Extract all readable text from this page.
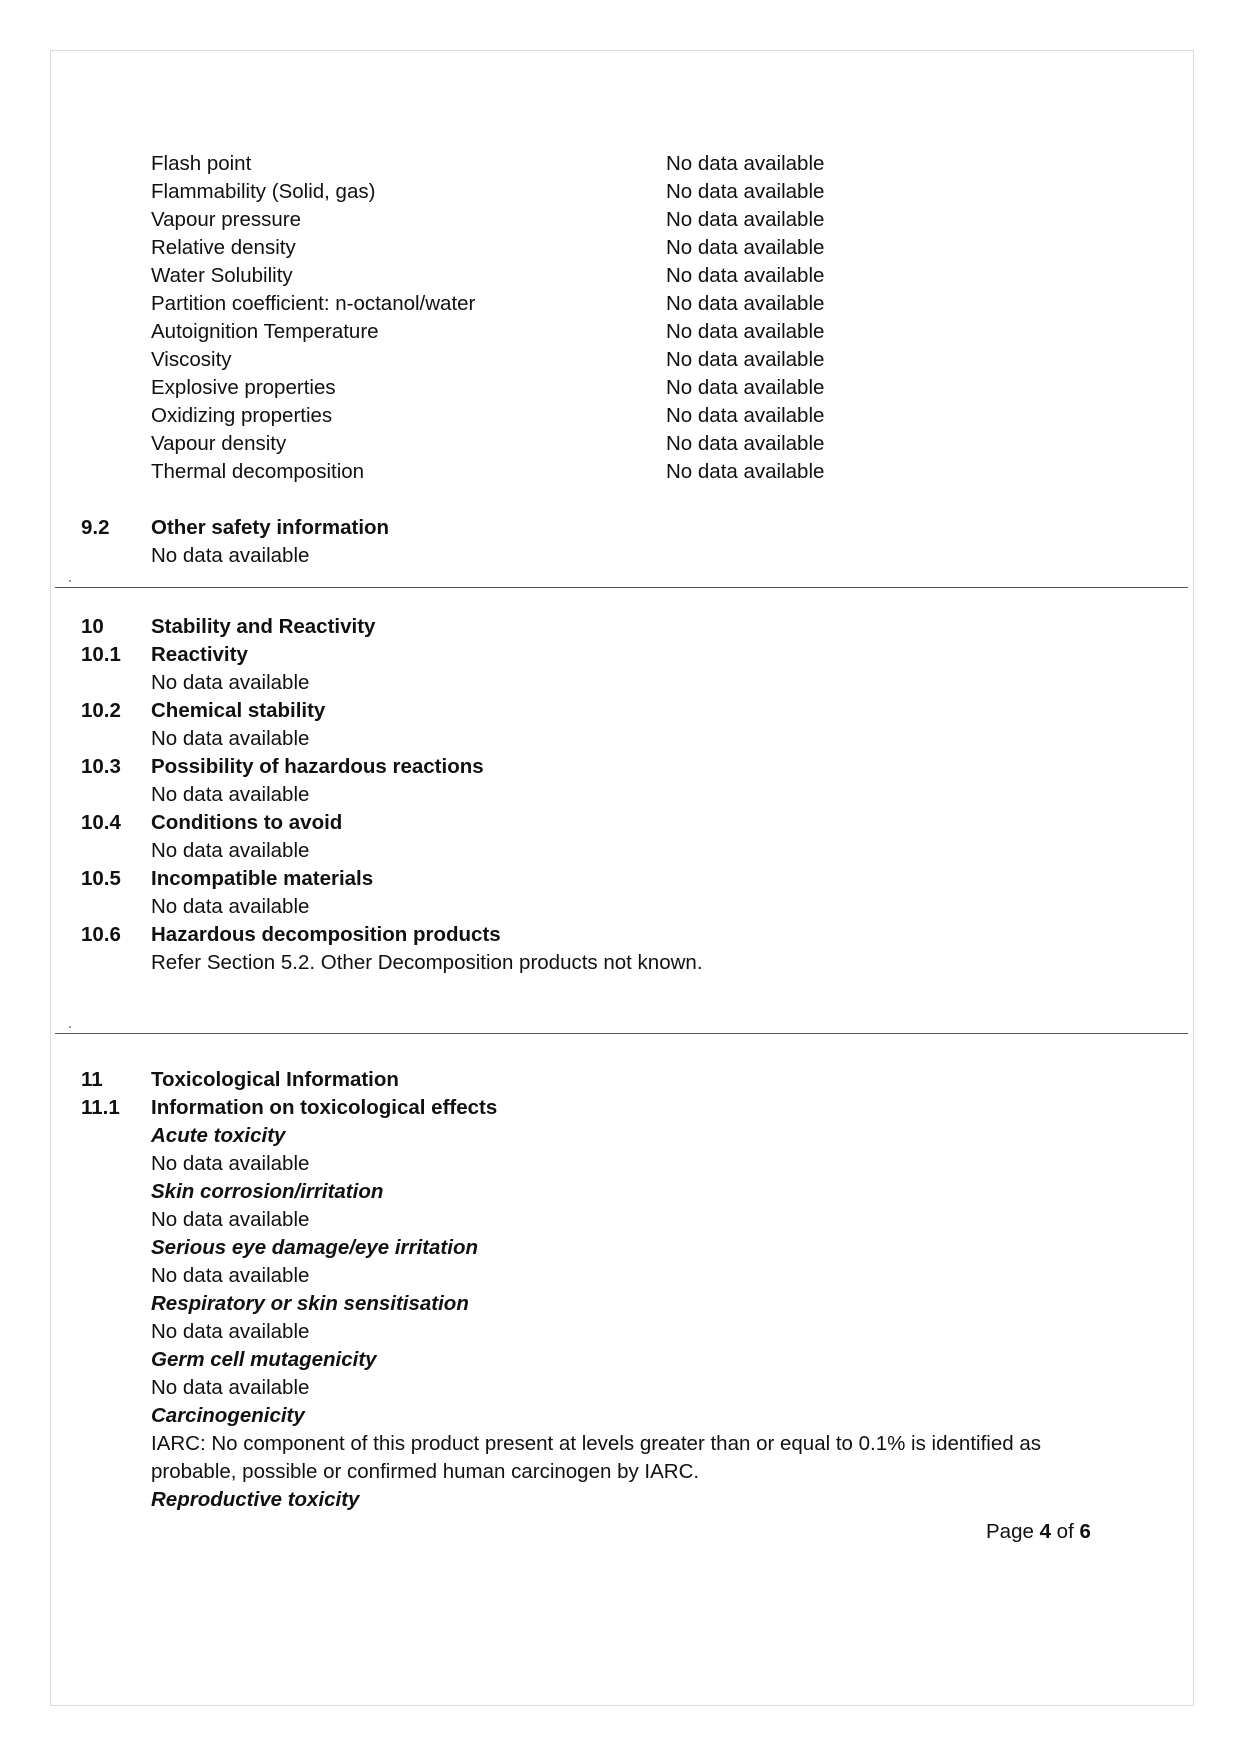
Flash point	No data available
Flammability (Solid, gas)	No data available
Vapour pressure	No data available
Relative density	No data available
Water Solubility	No data available
Partition coefficient: n-octanol/water	No data available
Autoignition Temperature	No data available
Viscosity	No data available
Explosive properties	No data available
Oxidizing properties	No data available
Vapour density	No data available
Thermal decomposition	No data available
9.2 Other safety information
No data available
10 Stability and Reactivity
10.1 Reactivity
No data available
10.2 Chemical stability
No data available
10.3 Possibility of hazardous reactions
No data available
10.4 Conditions to avoid
No data available
10.5 Incompatible materials
No data available
10.6 Hazardous decomposition products
Refer Section 5.2. Other Decomposition products not known.
11 Toxicological Information
11.1 Information on toxicological effects
Acute toxicity
No data available
Skin corrosion/irritation
No data available
Serious eye damage/eye irritation
No data available
Respiratory or skin sensitisation
No data available
Germ cell mutagenicity
No data available
Carcinogenicity
IARC: No component of this product present at levels greater than or equal to 0.1% is identified as probable, possible or confirmed human carcinogen by IARC.
Reproductive toxicity
Page 4 of 6
